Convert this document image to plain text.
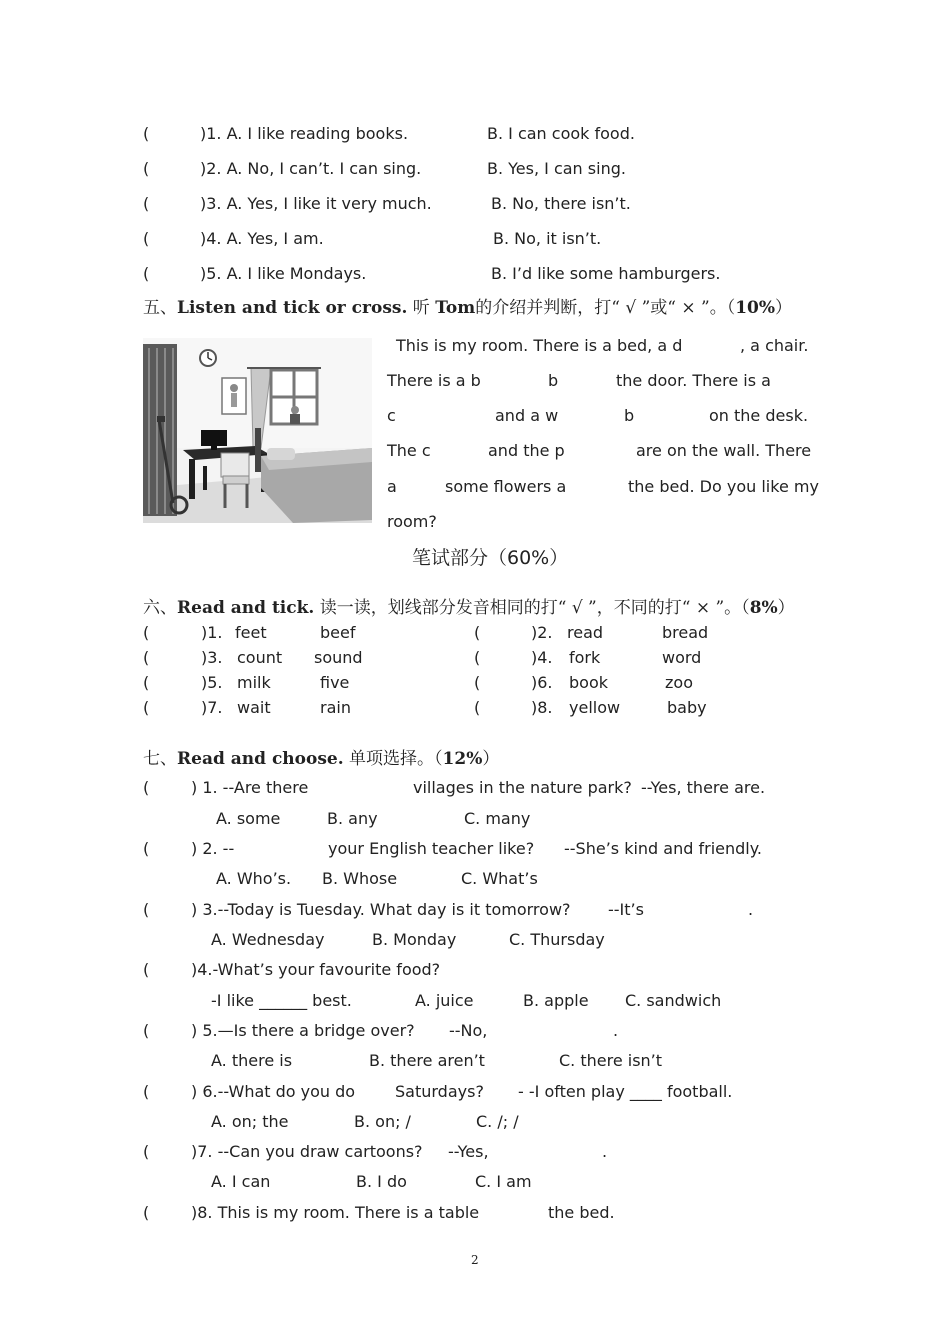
(	)1. A. I like reading books.	B. I can cook food.
(	)2. A. No, I can’t. I can sing.	B. Yes, I can sing.
(	)3. A. Yes, I like it very much.	B. No, there isn’t.
(	)4. A. Yes, I am.	B. No, it isn’t.
(	)5. A. I like Mondays.	B. I’d like some hamburgers.
五、Listen and tick or cross. 听 Tom的介绍并判断，打“ √ ”或“ × ”。（10%）
This is my room. There is a bed, a d	, a chair.
There is a b	b	the door. There is a
c	and a w	b	on the desk.
The c	and the p	are on the wall. There
a	some flowers a	the bed. Do you like my
room?
笔试部分（60%）
六、Read and tick. 读一读，划线部分发音相同的打“ √ ”，不同的打“ × ”。（8%）
(	)1. feet	beef	(	)2. read	bread
(	)3. count sound	(	)4. fork	word
(	)5. milk	five	(	)6. book	zoo
(	)7. wait	rain	(	)8. yellow	baby
七、Read and choose. 单项选择。（12%）
(	) 1. --Are there	villages in the nature park? --Yes, there are.
A. some	B. any	C. many
(	) 2. --	your English teacher like? --She’s kind and friendly.
A. Who’s. B. Whose	C. What’s
(	) 3.--Today is Tuesday. What day is it tomorrow? --It’s	.
A. Wednesday	B. Monday	C. Thursday
(	)4.-What’s your favourite food?
-I like ______ best.	A. juice	B. apple C. sandwich
(	) 5.—Is there a bridge over? --No,	.
A. there is	B. there aren’t	C. there isn’t
(	) 6.--What do you do Saturdays? - -I often play ____ football.
A. on; the	B. on; /	C. /; /
(	)7. --Can you draw cartoons? --Yes,	.
A. I can	B. I do	C. I am
(	)8. This is my room. There is a table	the bed.
2
